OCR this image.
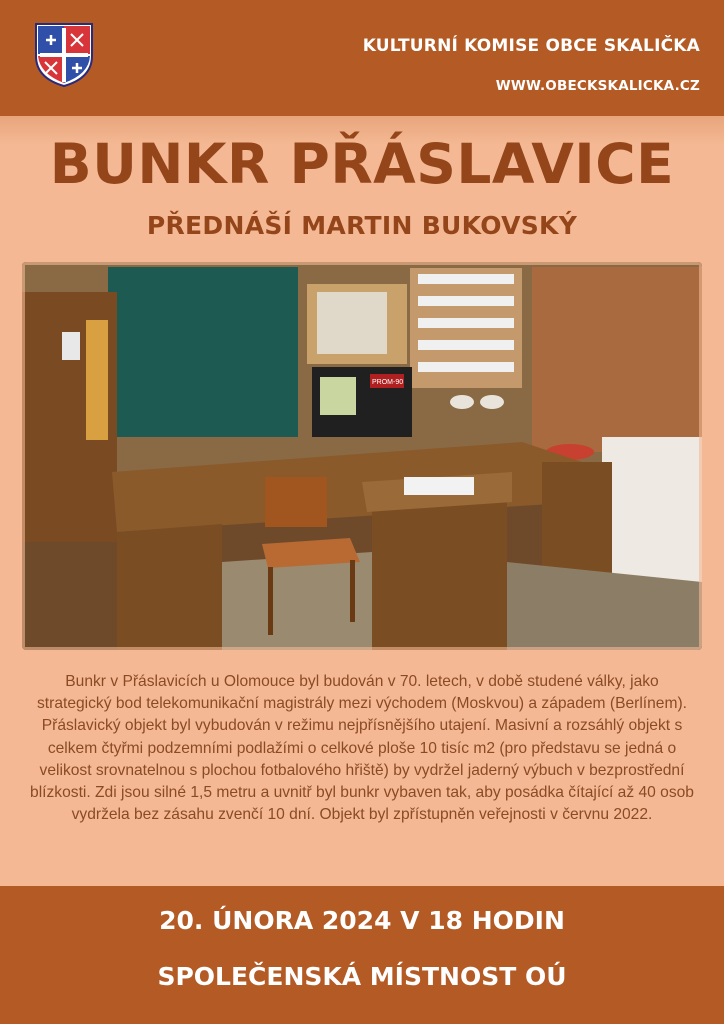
KULTURNÍ KOMISE OBCE SKALIČKA
WWW.OBECKSKALICKA.CZ
BUNKR PŘÁSLAVICE
PŘEDNÁŠÍ MARTIN BUKOVSKÝ
PROM-90
Bunkr v Přáslavicích u Olomouce byl budován v 70. letech, v době studené války, jako strategický bod telekomunikační magistrály mezi východem (Moskvou) a západem (Berlínem). Přáslavický objekt byl vybudován v režimu nejpřísnějšího utajení. Masivní a rozsáhlý objekt s celkem čtyřmi podzemními podlažími o celkové ploše 10 tisíc m2 (pro představu se jedná o velikost srovnatelnou s plochou fotbalového hřiště) by vydržel jaderný výbuch v bezprostřední blízkosti. Zdi jsou silné 1,5 metru a uvnitř byl bunkr vybaven tak, aby posádka čítající až 40 osob vydržela bez zásahu zvenčí 10 dní. Objekt byl zpřístupněn veřejnosti v červnu 2022.
20. ÚNORA 2024 V 18 HODIN
SPOLEČENSKÁ MÍSTNOST OÚ
